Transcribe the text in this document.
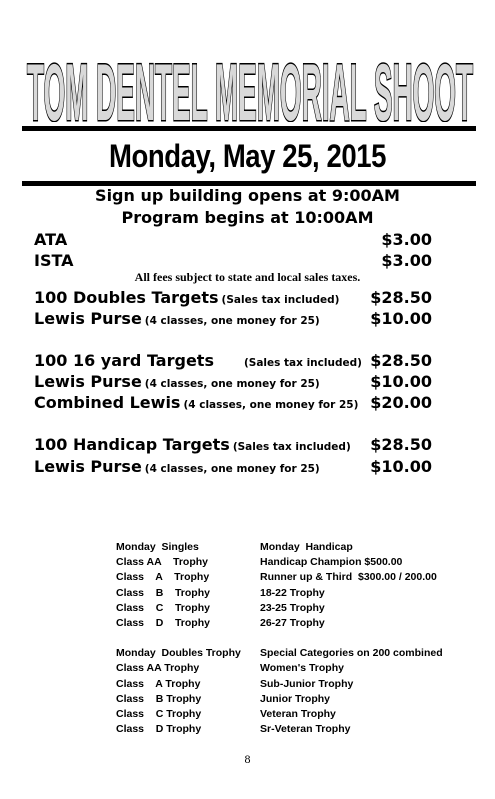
TOM DENTEL MEMORIAL SHOOT
Monday, May 25, 2015
Sign up building opens at 9:00AM
Program begins at 10:00AM
ATA	$3.00
ISTA	$3.00
All fees subject to state and local sales taxes.
100 Doubles Targets (Sales tax included) $28.50
Lewis Purse (4 classes, one money for 25)	$10.00
100 16 yard Targets	(Sales tax included) $28.50
Lewis Purse (4 classes, one money for 25)	$10.00
Combined Lewis (4 classes, one money for 25) $20.00
100 Handicap Targets (Sales tax included) $28.50
Lewis Purse (4 classes, one money for 25)	$10.00
Monday  Singles	Monday  Handicap
Class AA    Trophy	Handicap Champion $500.00
Class    A    Trophy	Runner up & Third  $300.00 / 200.00
Class    B    Trophy	18-22 Trophy
Class    C    Trophy	23-25 Trophy
Class    D    Trophy	26-27 Trophy
Monday  Doubles Trophy	Special Categories on 200 combined
Class AA Trophy	Women's Trophy
Class    A Trophy	Sub-Junior Trophy
Class    B Trophy	Junior Trophy
Class    C Trophy	Veteran Trophy
Class    D Trophy	Sr-Veteran Trophy
8
